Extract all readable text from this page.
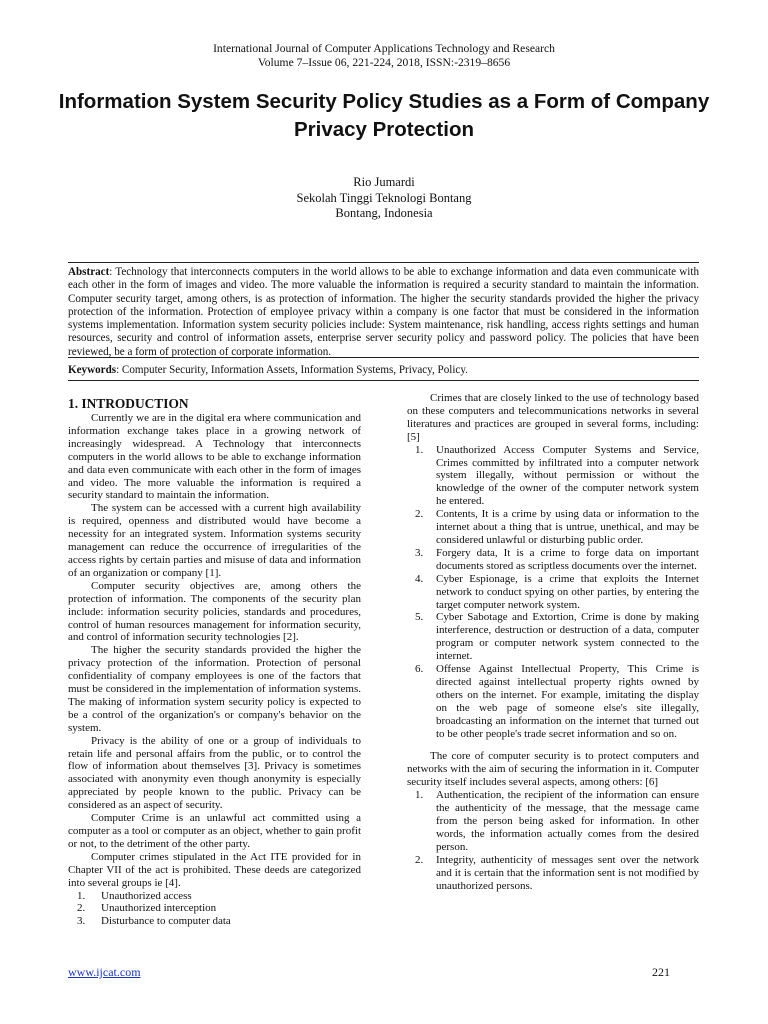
International Journal of Computer Applications Technology and Research
Volume 7–Issue 06, 221-224, 2018, ISSN:-2319–8656
Information System Security Policy Studies as a Form of Company Privacy Protection
Rio Jumardi
Sekolah Tinggi Teknologi Bontang
Bontang, Indonesia
Abstract: Technology that interconnects computers in the world allows to be able to exchange information and data even communicate with each other in the form of images and video. The more valuable the information is required a security standard to maintain the information. Computer security target, among others, is as protection of information. The higher the security standards provided the higher the privacy protection of the information. Protection of employee privacy within a company is one factor that must be considered in the information systems implementation. Information system security policies include: System maintenance, risk handling, access rights settings and human resources, security and control of information assets, enterprise server security policy and password policy. The policies that have been reviewed, be a form of protection of corporate information.
Keywords: Computer Security, Information Assets, Information Systems, Privacy, Policy.
1. INTRODUCTION

Currently we are in the digital era where communication and information exchange takes place in a growing network of increasingly widespread. A Technology that interconnects computers in the world allows to be able to exchange information and data even communicate with each other in the form of images and video. The more valuable the information is required a security standard to maintain the information.

The system can be accessed with a current high availability is required, openness and distributed would have become a necessity for an integrated system. Information systems security management can reduce the occurrence of irregularities of the access rights by certain parties and misuse of data and information of an organization or company [1].

Computer security objectives are, among others the protection of information. The components of the security plan include: information security policies, standards and procedures, control of human resources management for information security, and control of information security technologies [2].

The higher the security standards provided the higher the privacy protection of the information. Protection of personal confidentiality of company employees is one of the factors that must be considered in the implementation of information systems. The making of information system security policy is expected to be a control of the organization's or company's behavior on the system.

Privacy is the ability of one or a group of individuals to retain life and personal affairs from the public, or to control the flow of information about themselves [3]. Privacy is sometimes associated with anonymity even though anonymity is especially appreciated by people known to the public. Privacy can be considered as an aspect of security.

Computer Crime is an unlawful act committed using a computer as a tool or computer as an object, whether to gain profit or not, to the detriment of the other party.

Computer crimes stipulated in the Act ITE provided for in Chapter VII of the act is prohibited. These deeds are categorized into several groups ie [4].

1. Unauthorized access
2. Unauthorized interception
3. Disturbance to computer data

Crimes that are closely linked to the use of technology based on these computers and telecommunications networks in several literatures and practices are grouped in several forms, including: [5]

1. Unauthorized Access Computer Systems and Service, Crimes committed by infiltrated into a computer network system illegally, without permission or without the knowledge of the owner of the computer network system he entered.
2. Contents, It is a crime by using data or information to the internet about a thing that is untrue, unethical, and may be considered unlawful or disturbing public order.
3. Forgery data, It is a crime to forge data on important documents stored as scriptless documents over the internet.
4. Cyber Espionage, is a crime that exploits the Internet network to conduct spying on other parties, by entering the target computer network system.
5. Cyber Sabotage and Extortion, Crime is done by making interference, destruction or destruction of a data, computer program or computer network system connected to the internet.
6. Offense Against Intellectual Property, This Crime is directed against intellectual property rights owned by others on the internet. For example, imitating the display on the web page of someone else's site illegally, broadcasting an information on the internet that turned out to be other people's trade secret information and so on.

The core of computer security is to protect computers and networks with the aim of securing the information in it. Computer security itself includes several aspects, among others: [6]

1. Authentication, the recipient of the information can ensure the authenticity of the message, that the message came from the person being asked for information. In other words, the information actually comes from the desired person.
2. Integrity, authenticity of messages sent over the network and it is certain that the information sent is not modified by unauthorized persons.
www.ijcat.com	221
